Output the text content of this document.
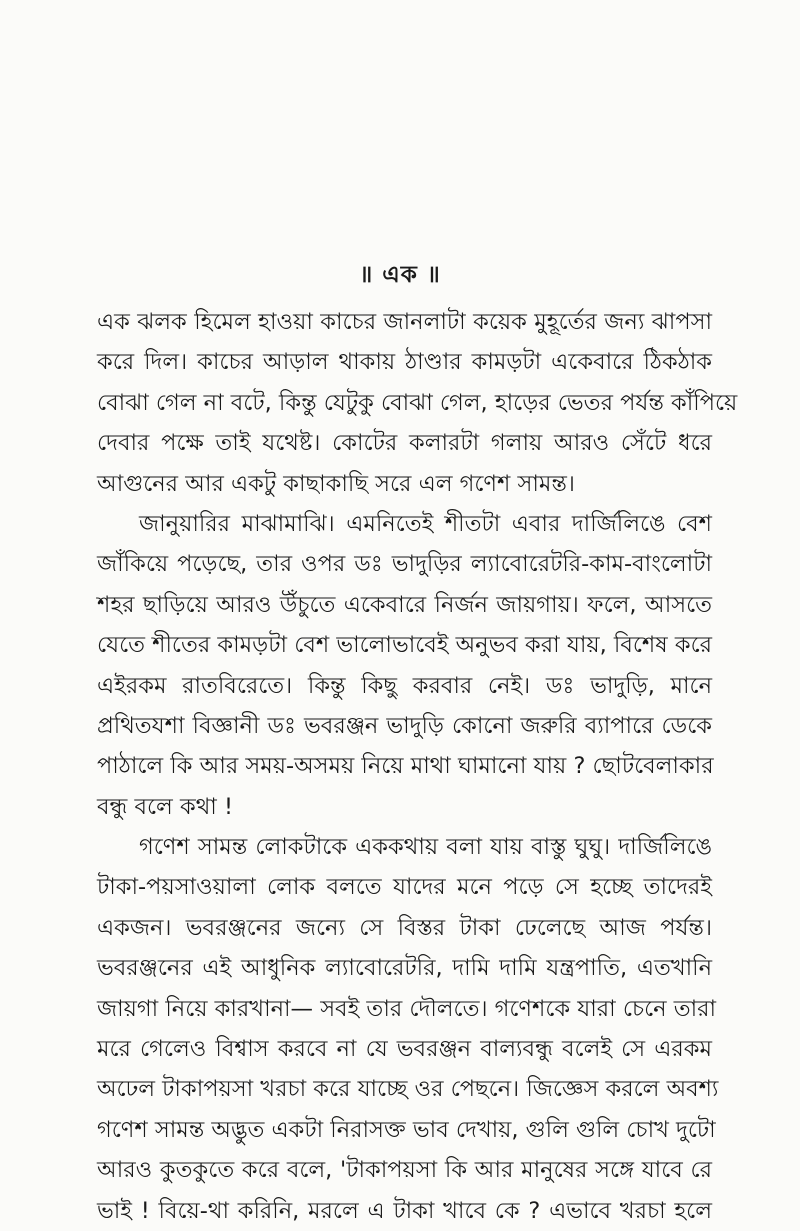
॥ এক ॥
এক ঝলক হিমেল হাওয়া কাচের জানলাটা কয়েক মুহূর্তের জন্য ঝাপসা
করে দিল। কাচের আড়াল থাকায় ঠাণ্ডার কামড়টা একেবারে ঠিকঠাক
বোঝা গেল না বটে, কিন্তু যেটুকু বোঝা গেল, হাড়ের ভেতর পর্যন্ত কাঁপিয়ে
দেবার পক্ষে তাই যথেষ্ট। কোটের কলারটা গলায় আরও সেঁটে ধরে
আগুনের আর একটু কাছাকাছি সরে এল গণেশ সামন্ত।
জানুয়ারির মাঝামাঝি। এমনিতেই শীতটা এবার দার্জিলিঙে বেশ
জাঁকিয়ে পড়েছে, তার ওপর ডঃ ভাদুড়ির ল্যাবোরেটরি-কাম-বাংলোটা
শহর ছাড়িয়ে আরও উঁচুতে একেবারে নির্জন জায়গায়। ফলে, আসতে
যেতে শীতের কামড়টা বেশ ভালোভাবেই অনুভব করা যায়, বিশেষ করে
এইরকম রাতবিরেতে। কিন্তু কিছু করবার নেই। ডঃ ভাদুড়ি, মানে
প্রথিতযশা বিজ্ঞানী ডঃ ভবরঞ্জন ভাদুড়ি কোনো জরুরি ব্যাপারে ডেকে
পাঠালে কি আর সময়-অসময় নিয়ে মাথা ঘামানো যায় ? ছোটবেলাকার
বন্ধু বলে কথা !
গণেশ সামন্ত লোকটাকে এককথায় বলা যায় বাস্তু ঘুঘু। দার্জিলিঙে
টাকা-পয়সাওয়ালা লোক বলতে যাদের মনে পড়ে সে হচ্ছে তাদেরই
একজন। ভবরঞ্জনের জন্যে সে বিস্তর টাকা ঢেলেছে আজ পর্যন্ত।
ভবরঞ্জনের এই আধুনিক ল্যাবোরেটরি, দামি দামি যন্ত্রপাতি, এতখানি
জায়গা নিয়ে কারখানা— সবই তার দৌলতে। গণেশকে যারা চেনে তারা
মরে গেলেও বিশ্বাস করবে না যে ভবরঞ্জন বাল্যবন্ধু বলেই সে এরকম
অঢেল টাকাপয়সা খরচা করে যাচ্ছে ওর পেছনে। জিজ্ঞেস করলে অবশ্য
গণেশ সামন্ত অদ্ভুত একটা নিরাসক্ত ভাব দেখায়, গুলি গুলি চোখ দুটো
আরও কুতকুতে করে বলে, 'টাকাপয়সা কি আর মানুষের সঙ্গে যাবে রে
ভাই ! বিয়ে-থা করিনি, মরলে এ টাকা খাবে কে ? এভাবে খরচা হলে
